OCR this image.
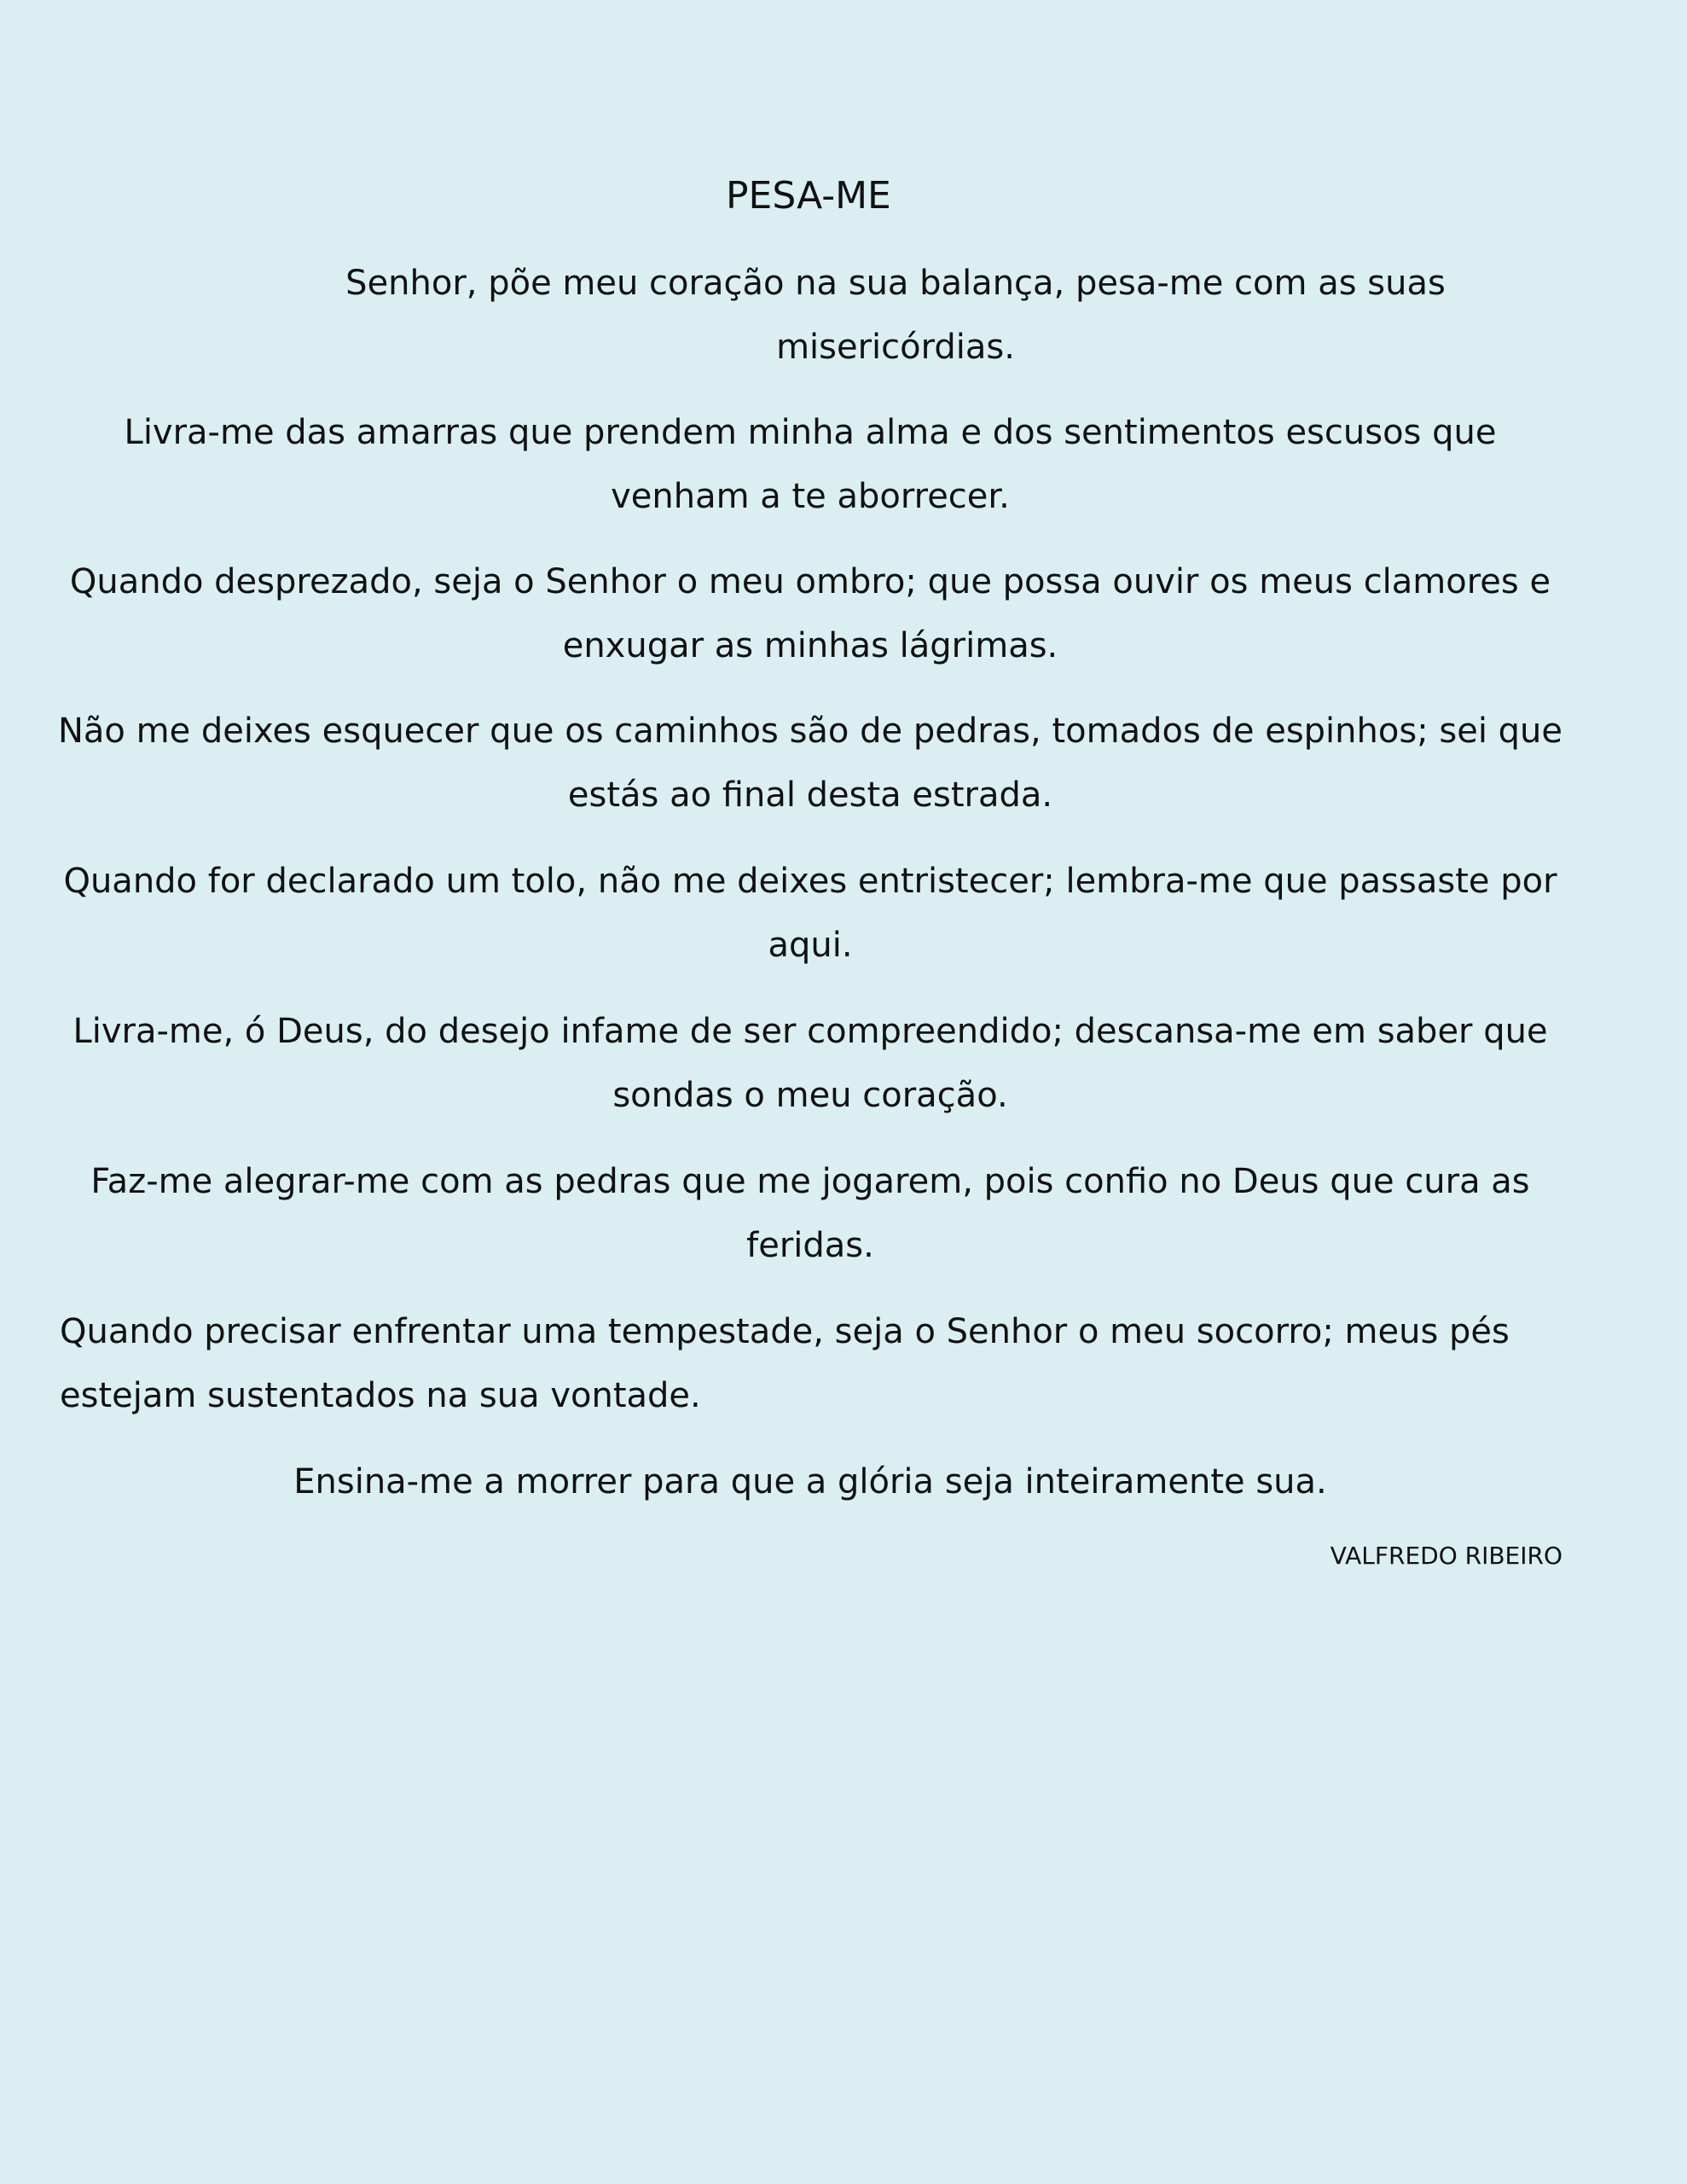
PESA-ME

Senhor, põe meu coração na sua balança, pesa-me com as suas misericórdias.

Livra-me das amarras que prendem minha alma e dos sentimentos escusos que venham a te aborrecer.

Quando desprezado, seja o Senhor o meu ombro; que possa ouvir os meus clamores e enxugar as minhas lágrimas.

Não me deixes esquecer que os caminhos são de pedras, tomados de espinhos; sei que estás ao final desta estrada.

Quando for declarado um tolo, não me deixes entristecer; lembra-me que passaste por aqui.

Livra-me, ó Deus, do desejo infame de ser compreendido; descansa-me em saber que sondas o meu coração.

Faz-me alegrar-me com as pedras que me jogarem, pois confio no Deus que cura as feridas.

Quando precisar enfrentar uma tempestade, seja o Senhor o meu socorro; meus pés estejam sustentados na sua vontade.

Ensina-me a morrer para que a glória seja inteiramente sua.

VALFREDO RIBEIRO
